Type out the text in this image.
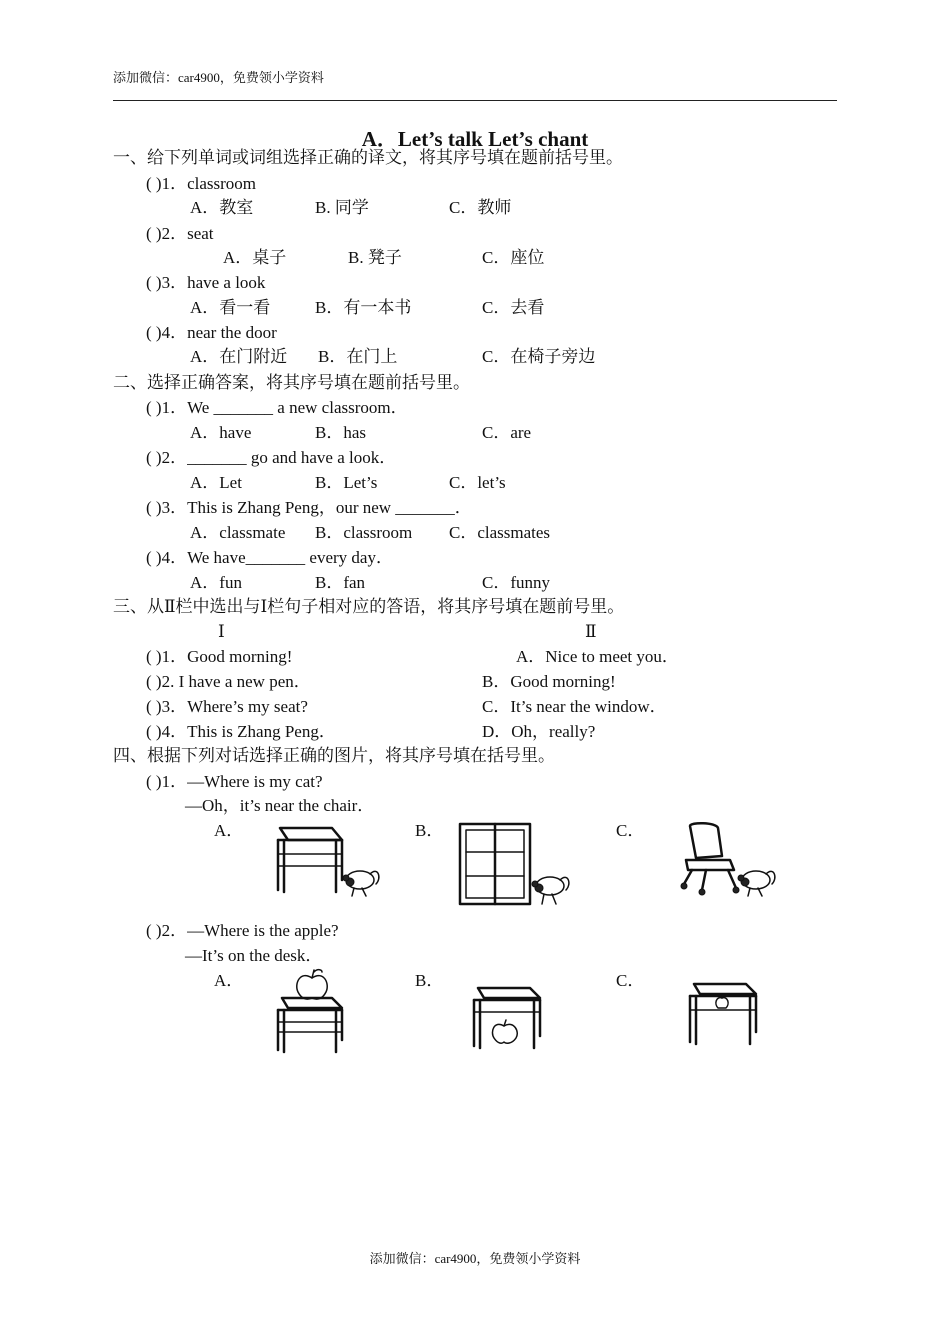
添加微信：car4900，免费领小学资料
A．Let’s talk Let’s chant
一、给下列单词或词组选择正确的译文，将其序号填在题前括号里。
( )1．classroom
A．教室	B. 同学	C．教师
( )2．seat
A．桌子	B. 凳子	C．座位
( )3．have a look
A．看一看	B．有一本书	C．去看
( )4．near the door
A．在门附近 B．在门上	C．在椅子旁边
二、选择正确答案，将其序号填在题前括号里。
( )1．We _______ a new classroom．
A．have	B．has	C．are
( )2．_______ go and have a look．
A．Let	B．Let’s	C．let’s
( )3．This is Zhang Peng，our new _______．
A．classmate B．classroom C．classmates
( )4．We have_______ every day．
A．fun	B．fan	C．funny
三、从Ⅱ栏中选出与Ⅰ栏句子相对应的答语，将其序号填在题前号里。
Ⅰ	Ⅱ
( )1．Good morning!	A．Nice to meet you．
( )2. I have a new pen．	B．Good morning!
( )3．Where’s my seat?	C．It’s near the window．
( )4．This is Zhang Peng．	D．Oh，really?
四、根据下列对话选择正确的图片，将其序号填在括号里。
( )1．—Where is my cat?
—Oh，it’s near the chair．
A．	B．	C．
( )2．—Where is the apple?
—It’s on the desk．
A．	B．	C．
添加微信：car4900，免费领小学资料
